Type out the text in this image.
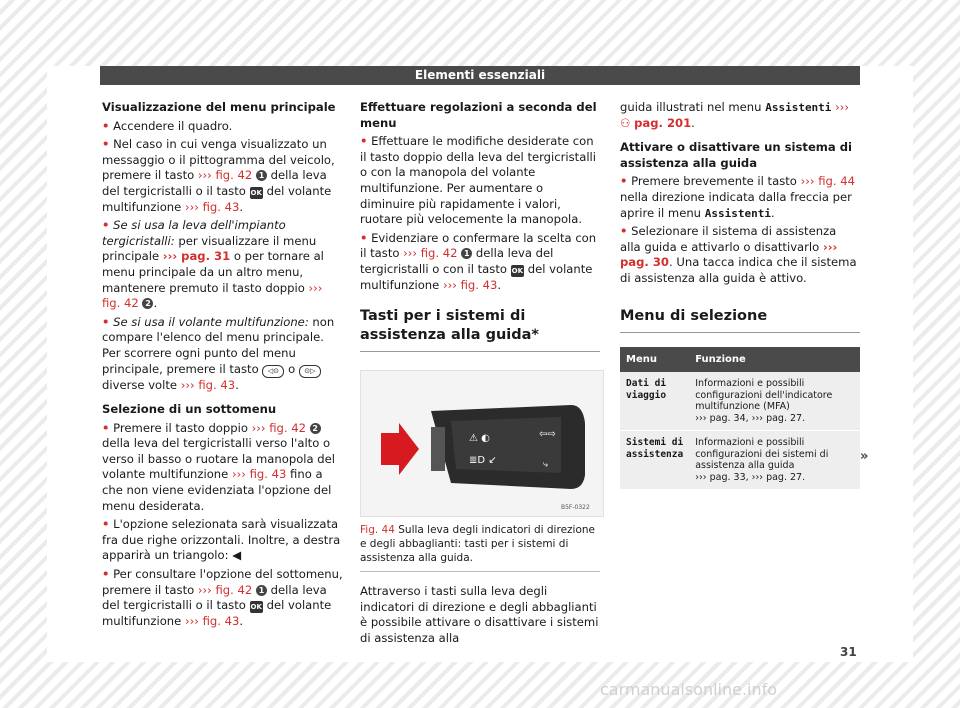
Elementi essenziali
Visualizzazione del menu principale
• Accendere il quadro.
• Nel caso in cui venga visualizzato un messaggio o il pittogramma del veicolo, premere il tasto ››› fig. 42 1 della leva del tergicristalli o il tasto OK del volante multifunzione ››› fig. 43.
• Se si usa la leva dell'impianto tergicristalli: per visualizzare il menu principale ››› pag. 31 o per tornare al menu principale da un altro menu, mantenere premuto il tasto doppio ››› fig. 42 2 .
• Se si usa il volante multifunzione: non compare l'elenco del menu principale. Per scorrere ogni punto del menu principale, premere il tasto ◁⊙ o ⊙▷ diverse volte ››› fig. 43.
Selezione di un sottomenu
• Premere il tasto doppio ››› fig. 42 2 della leva del tergicristalli verso l'alto o verso il basso o ruotare la manopola del volante multifunzione ››› fig. 43 fino a che non viene evidenziata l'opzione del menu desiderata.
• L'opzione selezionata sarà visualizzata fra due righe orizzontali. Inoltre, a destra apparirà un triangolo: ◀
• Per consultare l'opzione del sottomenu, premere il tasto ››› fig. 42 1 della leva del tergicristalli o il tasto OK del volante multifunzione ››› fig. 43.
Effettuare regolazioni a seconda del menu
• Effettuare le modifiche desiderate con il tasto doppio della leva del tergicristalli o con la manopola del volante multifunzione. Per aumentare o diminuire più rapidamente i valori, ruotare più velocemente la manopola.
• Evidenziare o confermare la scelta con il tasto ››› fig. 42 1 della leva del tergicristalli o con il tasto OK del volante multifunzione ››› fig. 43.
Tasti per i sistemi di assistenza alla guida*
⚠ ◐
≣D ↙
⇦⇨
⤷
B5F-0322
Fig. 44 Sulla leva degli indicatori di direzione e degli abbaglianti: tasti per i sistemi di assistenza alla guida.
Attraverso i tasti sulla leva degli indicatori di direzione e degli abbaglianti è possibile attivare o disattivare i sistemi di assistenza alla
guida illustrati nel menu Assistenti ››› ⚇ pag. 201.
Attivare o disattivare un sistema di assistenza alla guida
• Premere brevemente il tasto ››› fig. 44 nella direzione indicata dalla freccia per aprire il menu Assistenti.
• Selezionare il sistema di assistenza alla guida e attivarlo o disattivarlo ››› pag. 30. Una tacca indica che il sistema di assistenza alla guida è attivo.
Menu di selezione
Menu	Funzione
Dati di viaggio	Informazioni e possibili configurazioni dell'indicatore multifunzione (MFA)
››› pag. 34, ››› pag. 27.
Sistemi di assistenza	Informazioni e possibili configurazioni dei sistemi di assistenza alla guida
››› pag. 33, ››› pag. 27.
»
31
carmanualsonline.info
